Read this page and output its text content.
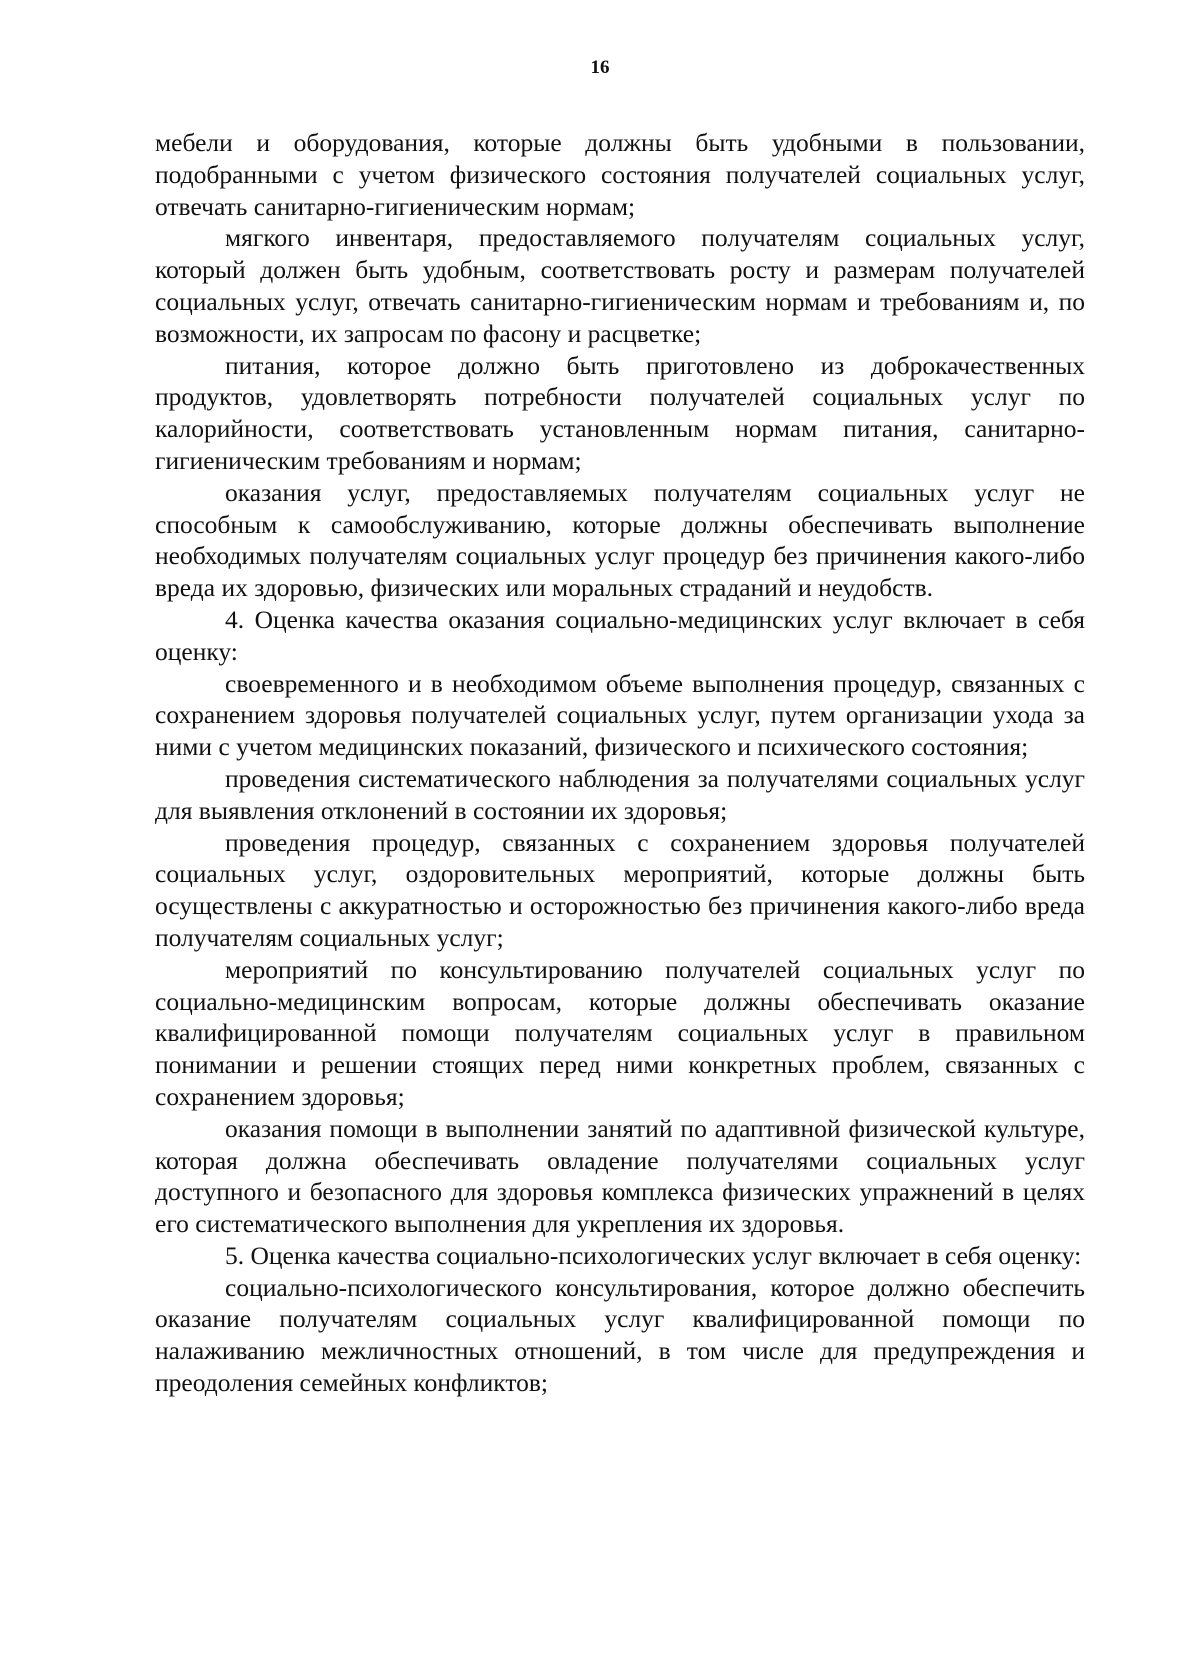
16

мебели и оборудования, которые должны быть удобными в пользовании, подобранными с учетом физического состояния получателей социальных услуг, отвечать санитарно-гигиеническим нормам;

мягкого инвентаря, предоставляемого получателям социальных услуг, который должен быть удобным, соответствовать росту и размерам получателей социальных услуг, отвечать санитарно-гигиеническим нормам и требованиям и, по возможности, их запросам по фасону и расцветке;

питания, которое должно быть приготовлено из доброкачественных продуктов, удовлетворять потребности получателей социальных услуг по калорийности, соответствовать установленным нормам питания, санитарно-гигиеническим требованиям и нормам;

оказания услуг, предоставляемых получателям социальных услуг не способным к самообслуживанию, которые должны обеспечивать выполнение необходимых получателям социальных услуг процедур без причинения какого-либо вреда их здоровью, физических или моральных страданий и неудобств.

4. Оценка качества оказания социально-медицинских услуг включает в себя оценку:

своевременного и в необходимом объеме выполнения процедур, связанных с сохранением здоровья получателей социальных услуг, путем организации ухода за ними с учетом медицинских показаний, физического и психического состояния;

проведения систематического наблюдения за получателями социальных услуг для выявления отклонений в состоянии их здоровья;

проведения процедур, связанных с сохранением здоровья получателей социальных услуг, оздоровительных мероприятий, которые должны быть осуществлены с аккуратностью и осторожностью без причинения какого-либо вреда получателям социальных услуг;

мероприятий по консультированию получателей социальных услуг по социально-медицинским вопросам, которые должны обеспечивать оказание квалифицированной помощи получателям социальных услуг в правильном понимании и решении стоящих перед ними конкретных проблем, связанных с сохранением здоровья;

оказания помощи в выполнении занятий по адаптивной физической культуре, которая должна обеспечивать овладение получателями социальных услуг доступного и безопасного для здоровья комплекса физических упражнений в целях его систематического выполнения для укрепления их здоровья.

5. Оценка качества социально-психологических услуг включает в себя оценку:

социально-психологического консультирования, которое должно обеспечить оказание получателям социальных услуг квалифицированной помощи по налаживанию межличностных отношений, в том числе для предупреждения и преодоления семейных конфликтов;
